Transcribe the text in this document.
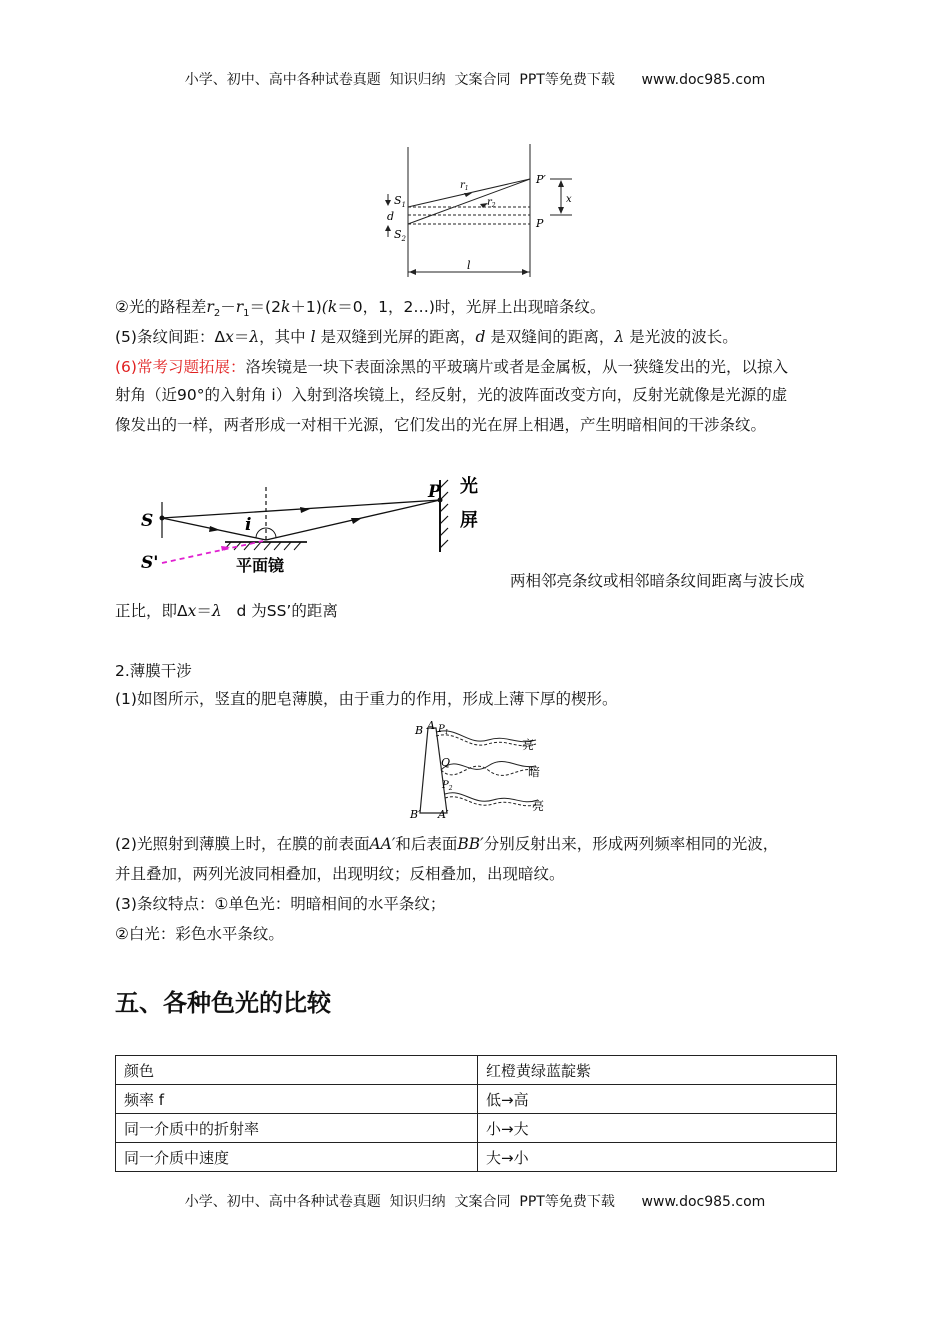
小学、初中、高中各种试卷真题  知识归纳  文案合同  PPT等免费下载 www.doc985.com
$S_1$
d
$S_2$
$r_1$
$r_2$
P′
P
x
l
②光的路程差$r_2-r_1=(2k+1)(k=0$，1，2…)时，光屏上出现暗条纹。
(5)条纹间距：Δx＝λ，其中 l 是双缝到光屏的距离，d 是双缝间的距离，λ 是光波的波长。
(6)常考习题拓展：洛埃镜是一块下表面涂黑的平玻璃片或者是金属板，从一狭缝发出的光，以掠入
射角（近90°的入射角 i）入射到洛埃镜上，经反射，光的波阵面改变方向，反射光就像是光源的虚
像发出的一样，两者形成一对相干光源，它们发出的光在屏上相遇，产生明暗相间的干涉条纹。
S
S'
i
P 光
屏
平面镜
两相邻亮条纹或相邻暗条纹间距离与波长成
正比，即Δx＝λ   d 为SS’的距离
2.薄膜干涉
(1)如图所示，竖直的肥皂薄膜，由于重力的作用，形成上薄下厚的楔形。
B A $P_1$
Q
$P_2$
B′ A′
亮
暗
亮
(2)光照射到薄膜上时，在膜的前表面AA′和后表面BB′分别反射出来，形成两列频率相同的光波，
并且叠加，两列光波同相叠加，出现明纹；反相叠加，出现暗纹。
(3)条纹特点：①单色光：明暗相间的水平条纹；
②白光：彩色水平条纹。
五、各种色光的比较
颜色	红橙黄绿蓝靛紫
频率 f	低→高
同一介质中的折射率	小→大
同一介质中速度	大→小
小学、初中、高中各种试卷真题  知识归纳  文案合同  PPT等免费下载 www.doc985.com
